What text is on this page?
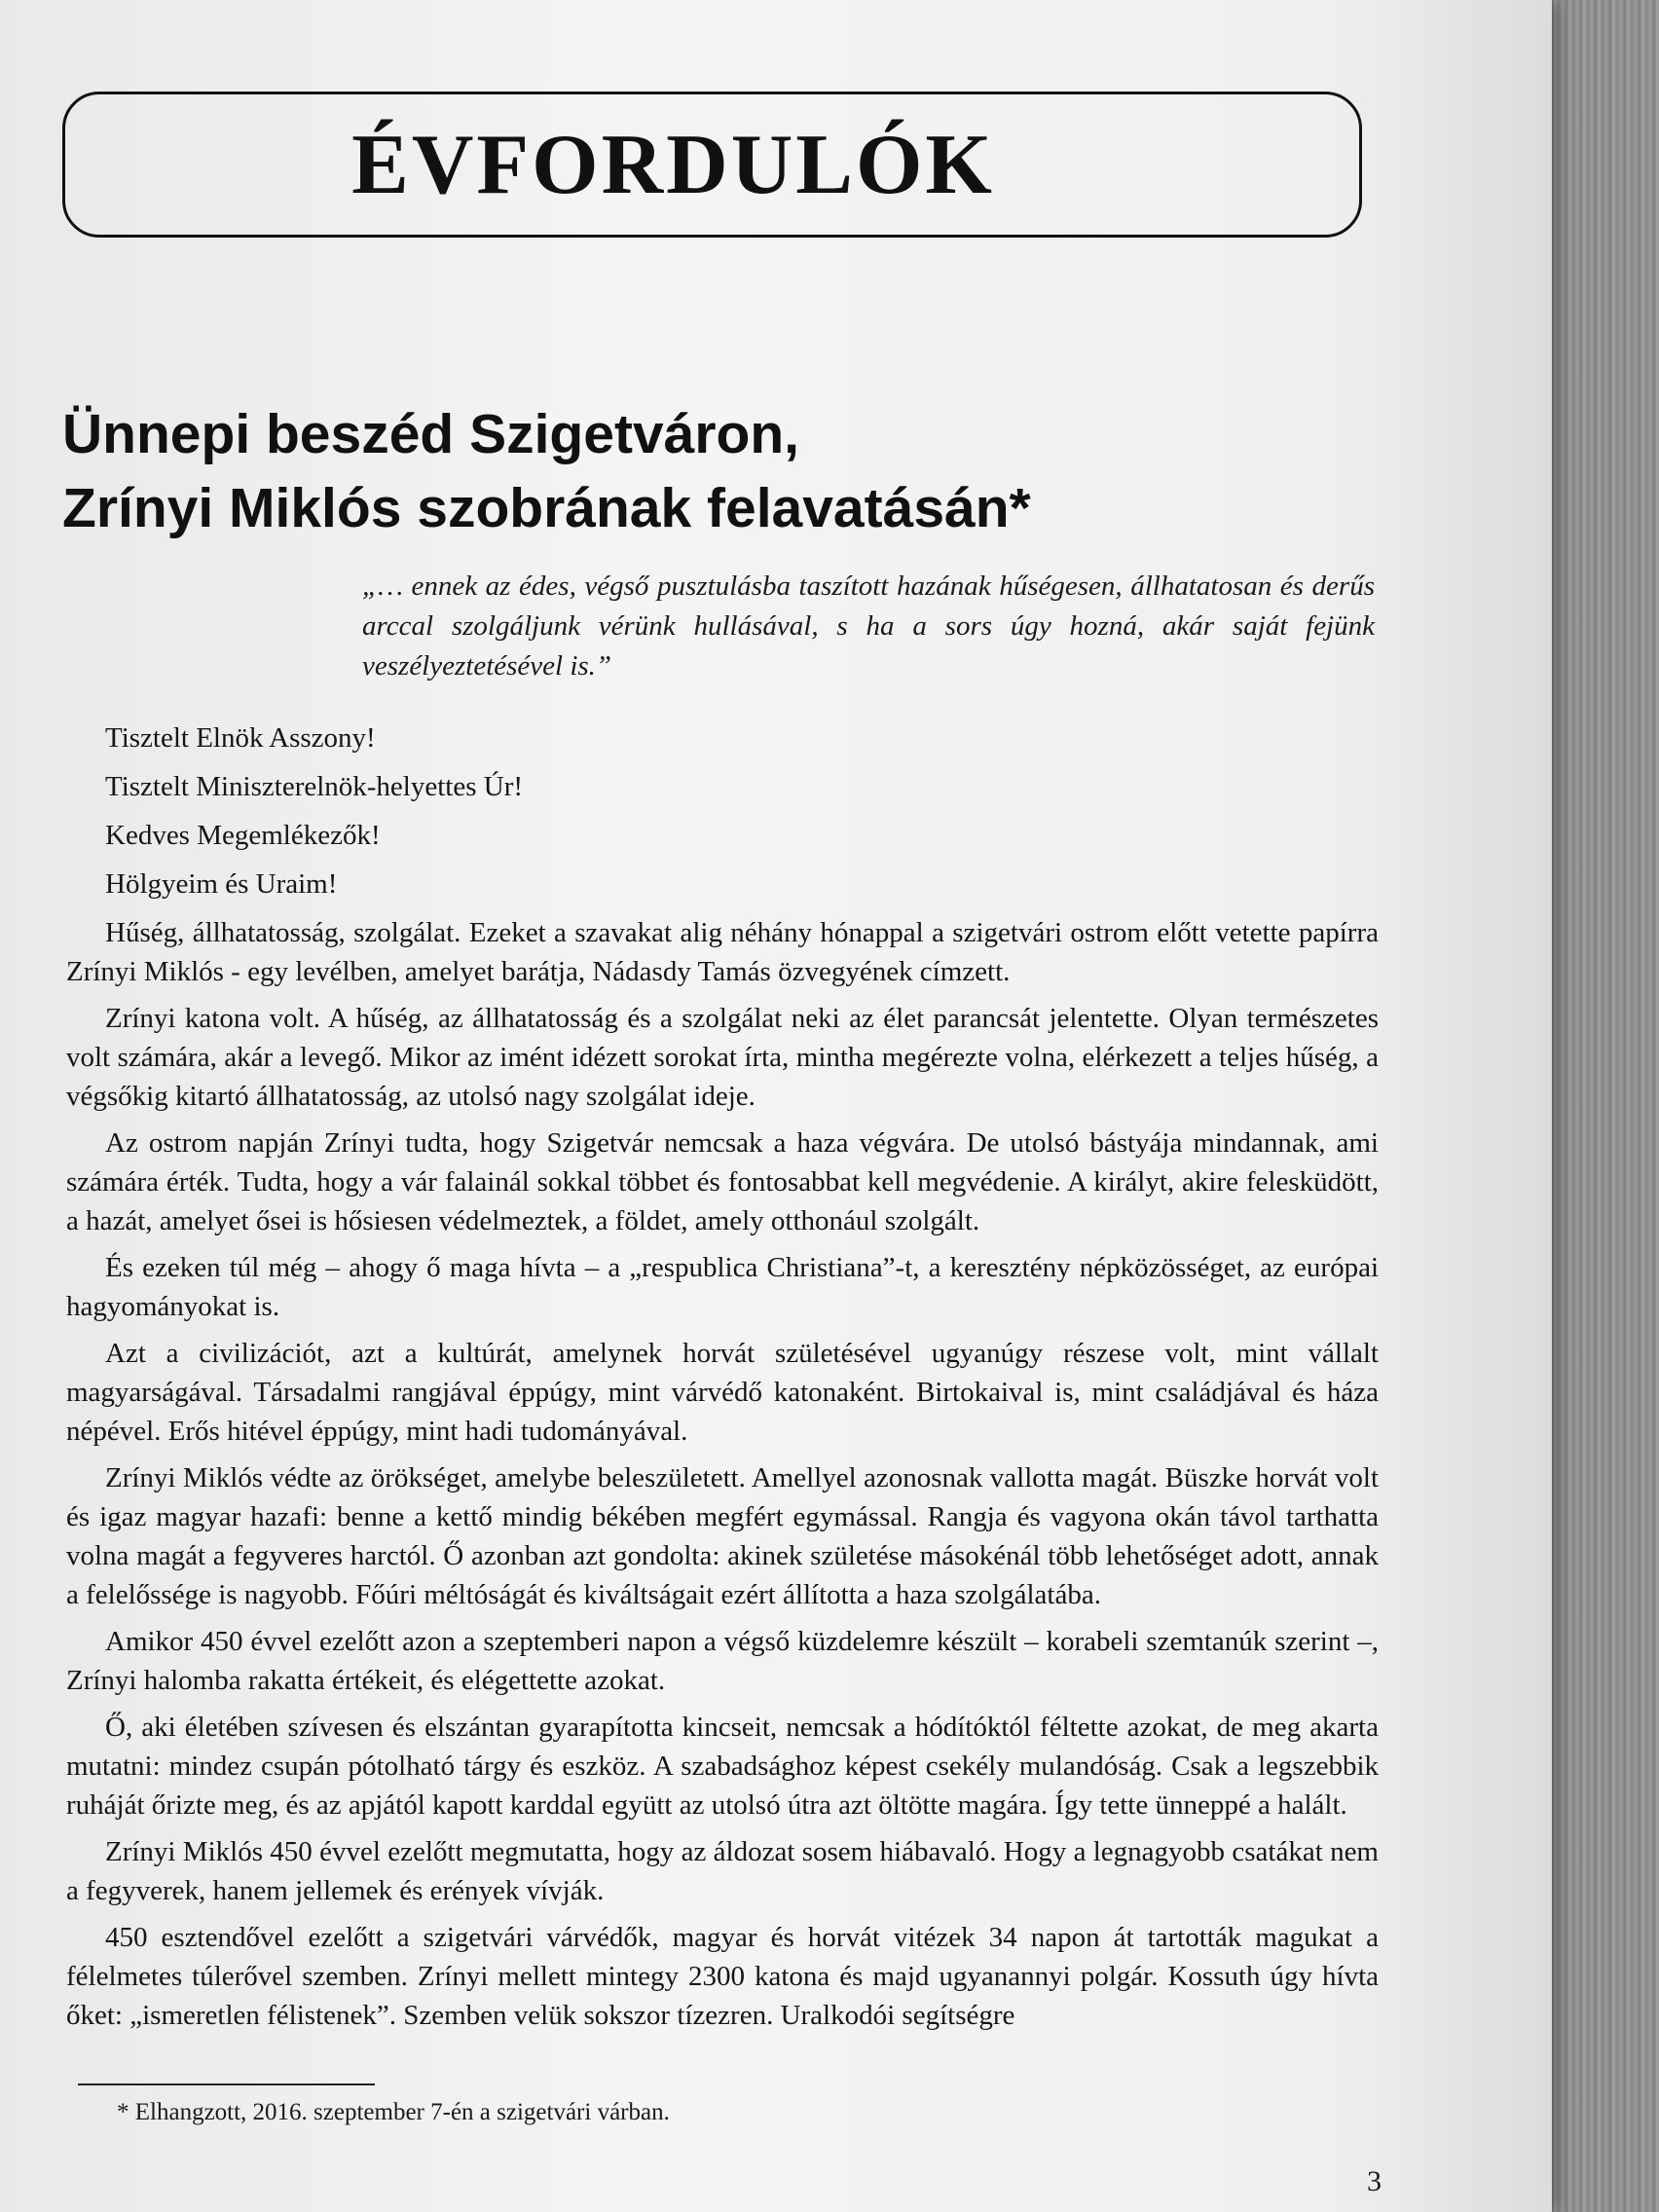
ÉVFORDULÓK
Ünnepi beszéd Szigetváron,
Zrínyi Miklós szobrának felavatásán*
„… ennek az édes, végső pusztulásba taszított hazának hűségesen, állhatatosan és derűs arccal szolgáljunk vérünk hullásával, s ha a sors úgy hozná, akár saját fejünk veszélyeztetésével is.”

Tisztelt Elnök Asszony!

Tisztelt Miniszterelnök-helyettes Úr!

Kedves Megemlékezők!

Hölgyeim és Uraim!

Hűség, állhatatosság, szolgálat. Ezeket a szavakat alig néhány hónappal a szigetvári ostrom előtt vetette papírra Zrínyi Miklós - egy levélben, amelyet barátja, Nádasdy Tamás özvegyének címzett.

Zrínyi katona volt. A hűség, az állhatatosság és a szolgálat neki az élet parancsát jelentette. Olyan természetes volt számára, akár a levegő. Mikor az imént idézett sorokat írta, mintha megérezte volna, elérkezett a teljes hűség, a végsőkig kitartó állhatatosság, az utolsó nagy szolgálat ideje.

Az ostrom napján Zrínyi tudta, hogy Szigetvár nemcsak a haza végvára. De utolsó bástyája mindannak, ami számára érték. Tudta, hogy a vár falainál sokkal többet és fontosabbat kell megvédenie. A királyt, akire felesküdött, a hazát, amelyet ősei is hősiesen védelmeztek, a földet, amely otthonául szolgált.

És ezeken túl még – ahogy ő maga hívta – a „respublica Christiana”-t, a keresztény népközösséget, az európai hagyományokat is.

Azt a civilizációt, azt a kultúrát, amelynek horvát születésével ugyanúgy részese volt, mint vállalt magyarságával. Társadalmi rangjával éppúgy, mint várvédő katonaként. Birtokaival is, mint családjával és háza népével. Erős hitével éppúgy, mint hadi tudományával.

Zrínyi Miklós védte az örökséget, amelybe beleszületett. Amellyel azonosnak vallotta magát. Büszke horvát volt és igaz magyar hazafi: benne a kettő mindig békében megfért egymással. Rangja és vagyona okán távol tarthatta volna magát a fegyveres harctól. Ő azonban azt gondolta: akinek születése másokénál több lehetőséget adott, annak a felelőssége is nagyobb. Főúri méltóságát és kiváltságait ezért állította a haza szolgálatába.

Amikor 450 évvel ezelőtt azon a szeptemberi napon a végső küzdelemre készült – korabeli szemtanúk szerint –, Zrínyi halomba rakatta értékeit, és elégettette azokat.

Ő, aki életében szívesen és elszántan gyarapította kincseit, nemcsak a hódítóktól féltette azokat, de meg akarta mutatni: mindez csupán pótolható tárgy és eszköz. A szabadsághoz képest csekély mulandóság. Csak a legszebbik ruháját őrizte meg, és az apjától kapott karddal együtt az utolsó útra azt öltötte magára. Így tette ünneppé a halált.

Zrínyi Miklós 450 évvel ezelőtt megmutatta, hogy az áldozat sosem hiábavaló. Hogy a legnagyobb csatákat nem a fegyverek, hanem jellemek és erények vívják.

450 esztendővel ezelőtt a szigetvári várvédők, magyar és horvát vitézek 34 napon át tartották magukat a félelmetes túlerővel szemben. Zrínyi mellett mintegy 2300 katona és majd ugyanannyi polgár. Kossuth úgy hívta őket: „ismeretlen félistenek”. Szemben velük sokszor tízezren. Uralkodói segítségre

* Elhangzott, 2016. szeptember 7-én a szigetvári várban.
3
